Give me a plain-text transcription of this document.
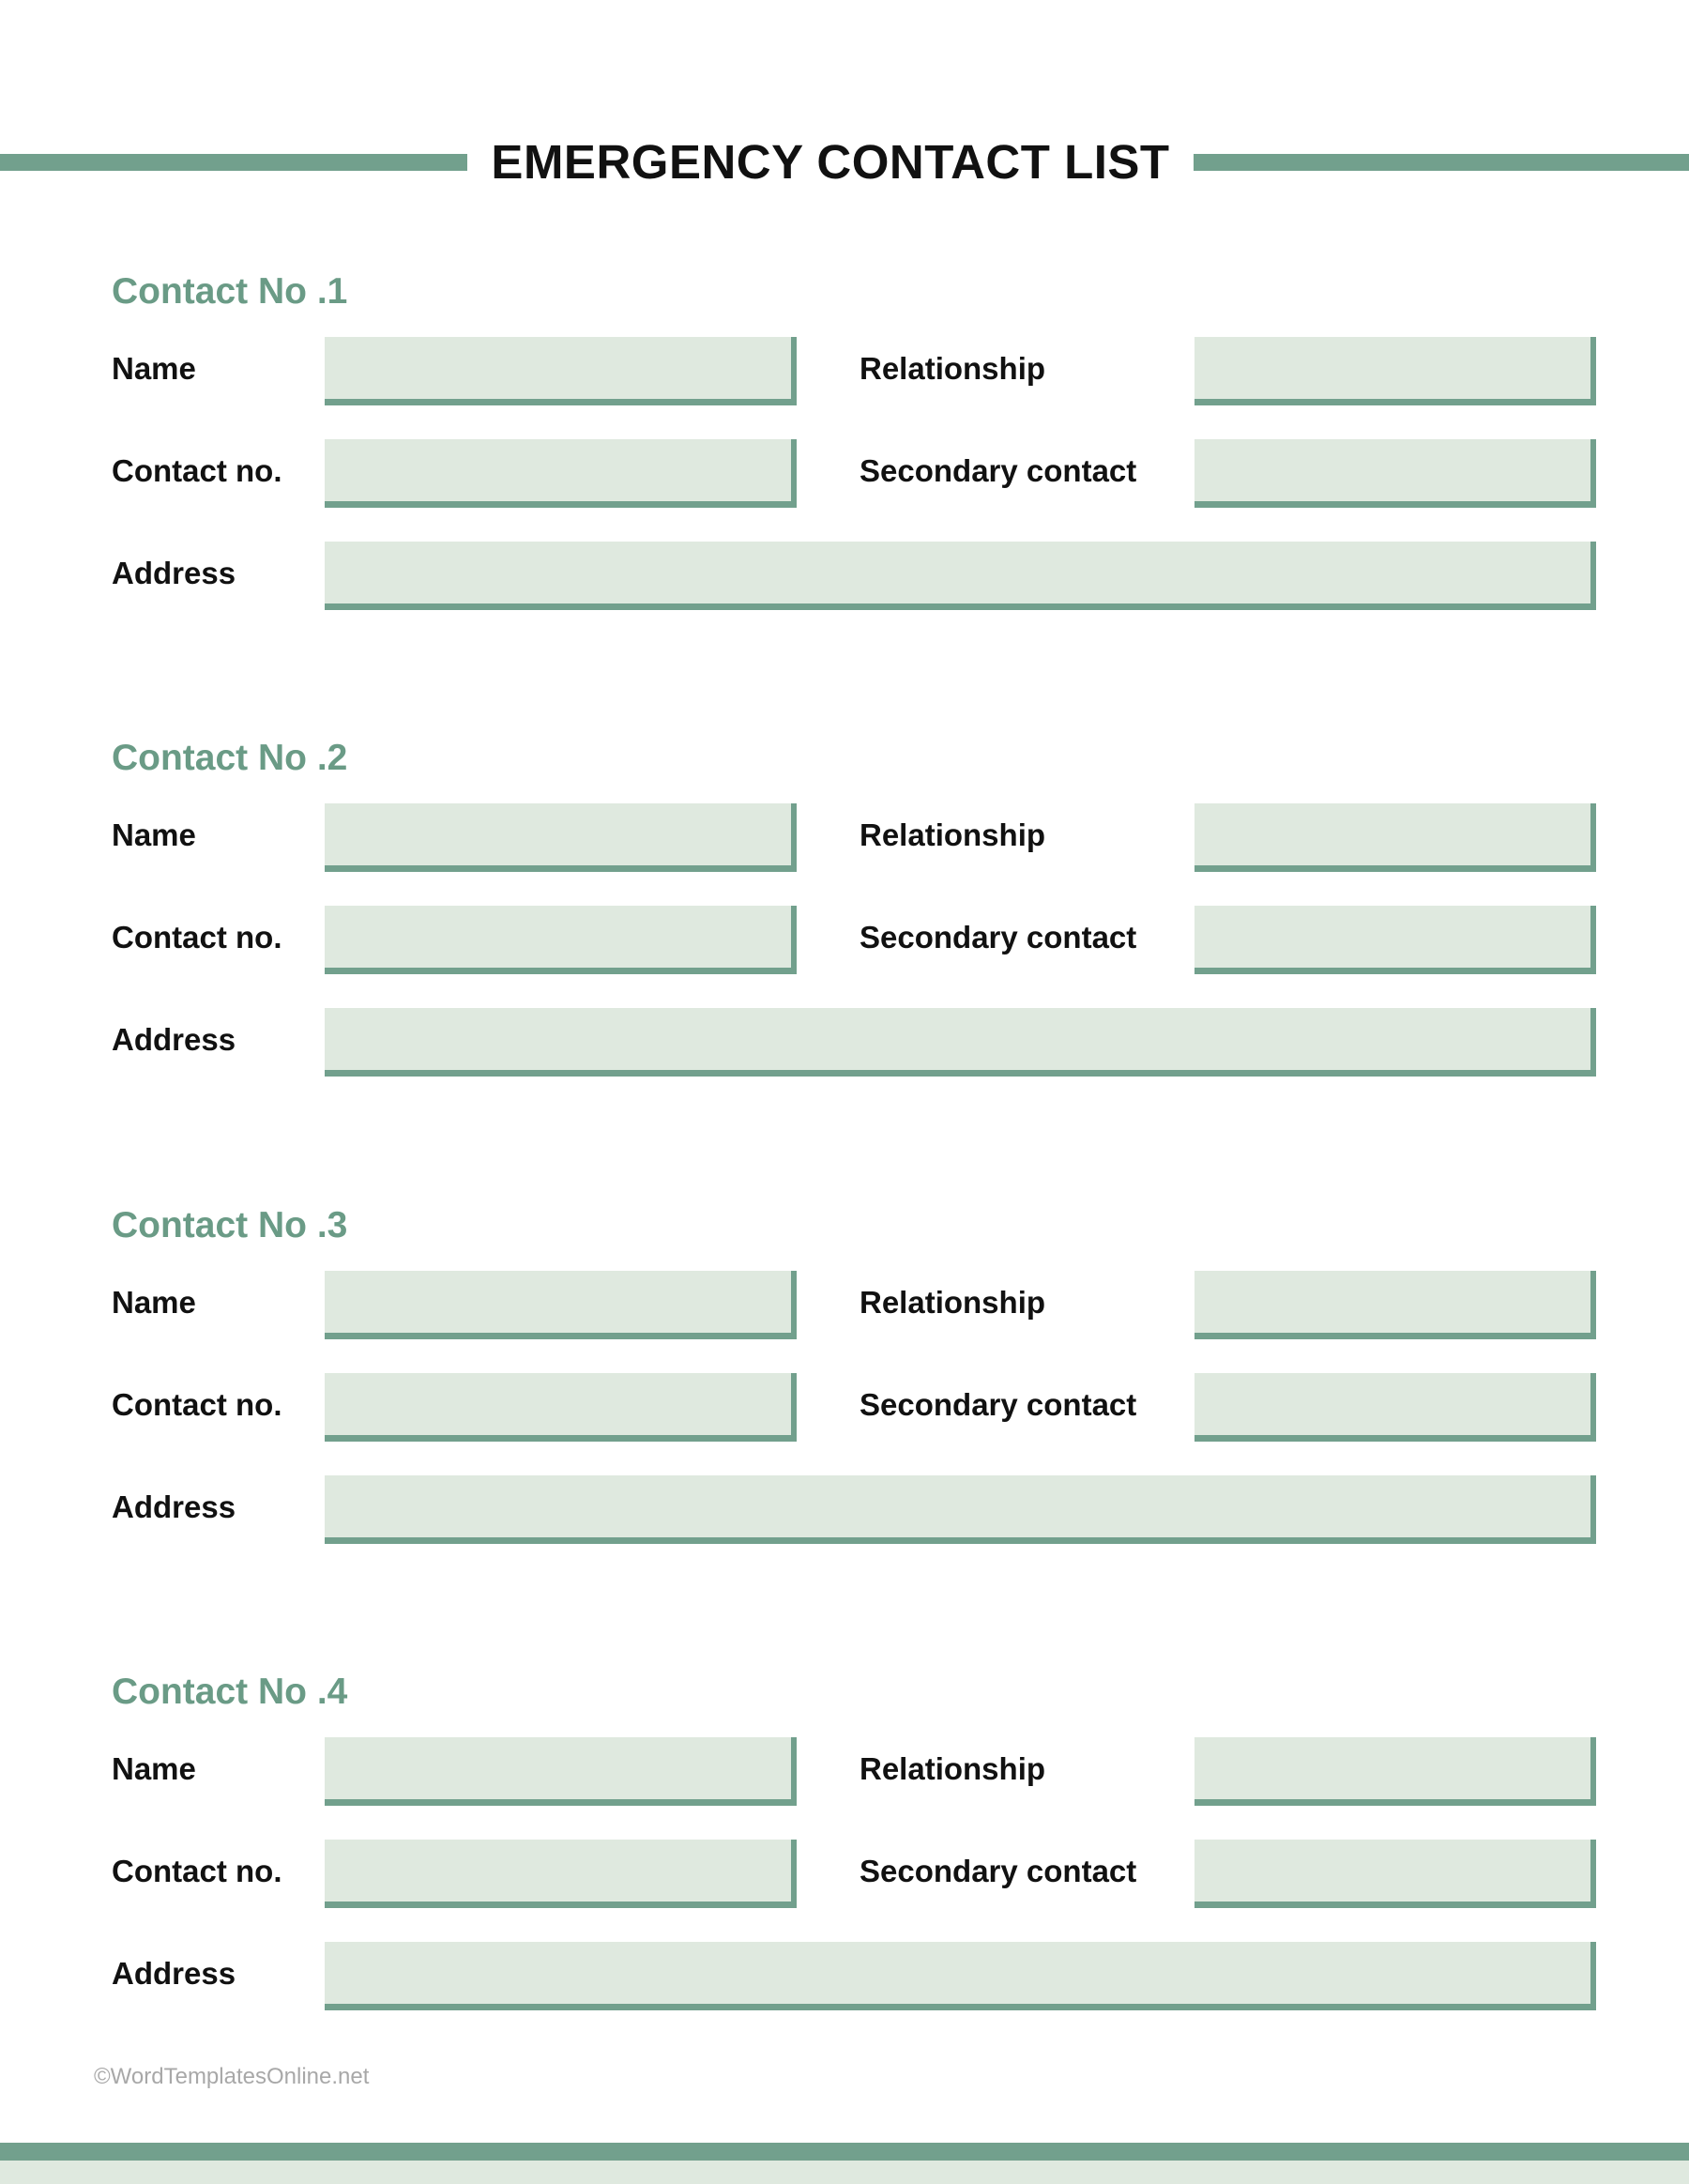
EMERGENCY CONTACT LIST
Contact No .1
Name	Relationship
Contact no.	Secondary contact
Address
Contact No .2
Name	Relationship
Contact no.	Secondary contact
Address
Contact No .3
Name	Relationship
Contact no.	Secondary contact
Address
Contact No .4
Name	Relationship
Contact no.	Secondary contact
Address
©WordTemplatesOnline.net
